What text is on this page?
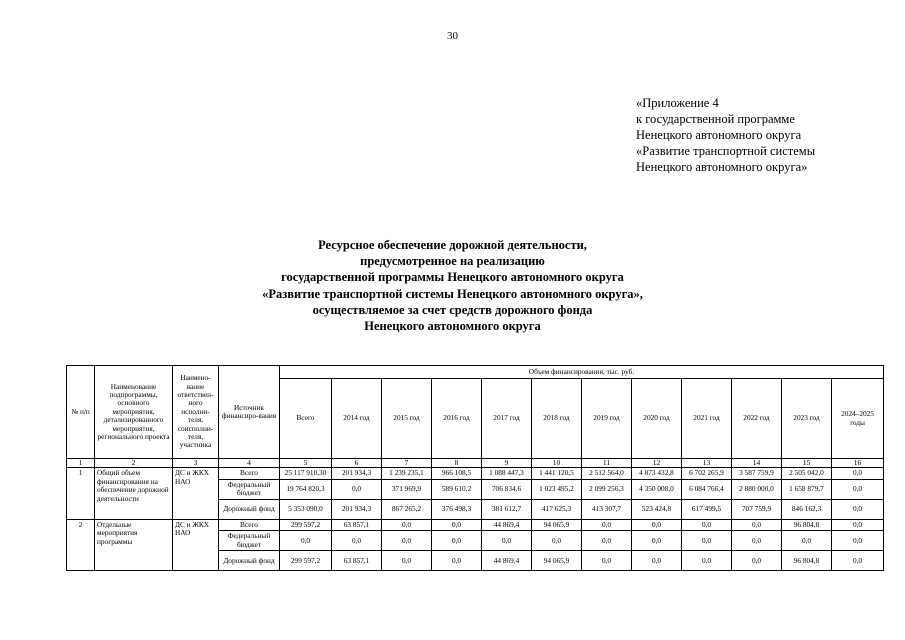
30
«Приложение 4
к государственной программе
Ненецкого автономного округа
«Развитие транспортной системы
Ненецкого автономного округа»
Ресурсное обеспечение дорожной деятельности,
предусмотренное на реализацию
государственной программы Ненецкого автономного округа
«Развитие транспортной системы Ненецкого автономного округа»,
осуществляемое за счет средств дорожного фонда
Ненецкого автономного округа
№ п/п	Наименование подпрограммы, основного мероприятия, детализированного мероприятия, регионального проекта	Наимено-вание ответствен-ного исполни-теля, соисполни-теля, участника	Источник финансиро-вания	Объем финансирования, тыс. руб.											
				Всего	2014 год	2015 год	2016 год	2017 год	2018 год	2019 год	2020 год	2021 год	2022 год	2023 год	2024–2025 годы
1	2	3	4	5	6	7	8	9	10	11	12	13	14	15	16
1	Общий объем финансирования на обеспечение дорожной деятельности	ДС и ЖКХ НАО	Всего	25 117 910,30	201 934,3	1 239 235,1	966 108,5	1 088 447,3	1 441 120,5	2 512 564,0	4 873 432,8	6 702 265,9	3 587 759,9	2 505 042,0	0,0
			Федеральный бюджет	19 764 820,3	0,0	371 969,9	589 610,2	706 834,6	1 023 495,2	2 099 256,3	4 350 008,0	6 084 766,4	2 880 000,0	1 658 879,7	0,0
			Дорожный фонд	5 353 090,0	201 934,3	867 265,2	376 498,3	381 612,7	417 625,3	413 307,7	523 424,8	617 499,5	707 759,9	846 162,3	0,0
2	Отдельные мероприятия программы	ДС и ЖКХ НАО	Всего	299 597,2	63 857,1	0,0	0,0	44 869,4	94 065,9	0,0	0,0	0,0	0,0	96 804,8	0,0
			Федеральный бюджет	0,0	0,0	0,0	0,0	0,0	0,0	0,0	0,0	0,0	0,0	0,0	0,0
			Дорожный фонд	299 597,2	63 857,1	0,0	0,0	44 869,4	94 065,9	0,0	0,0	0,0	0,0	96 804,8	0,0
